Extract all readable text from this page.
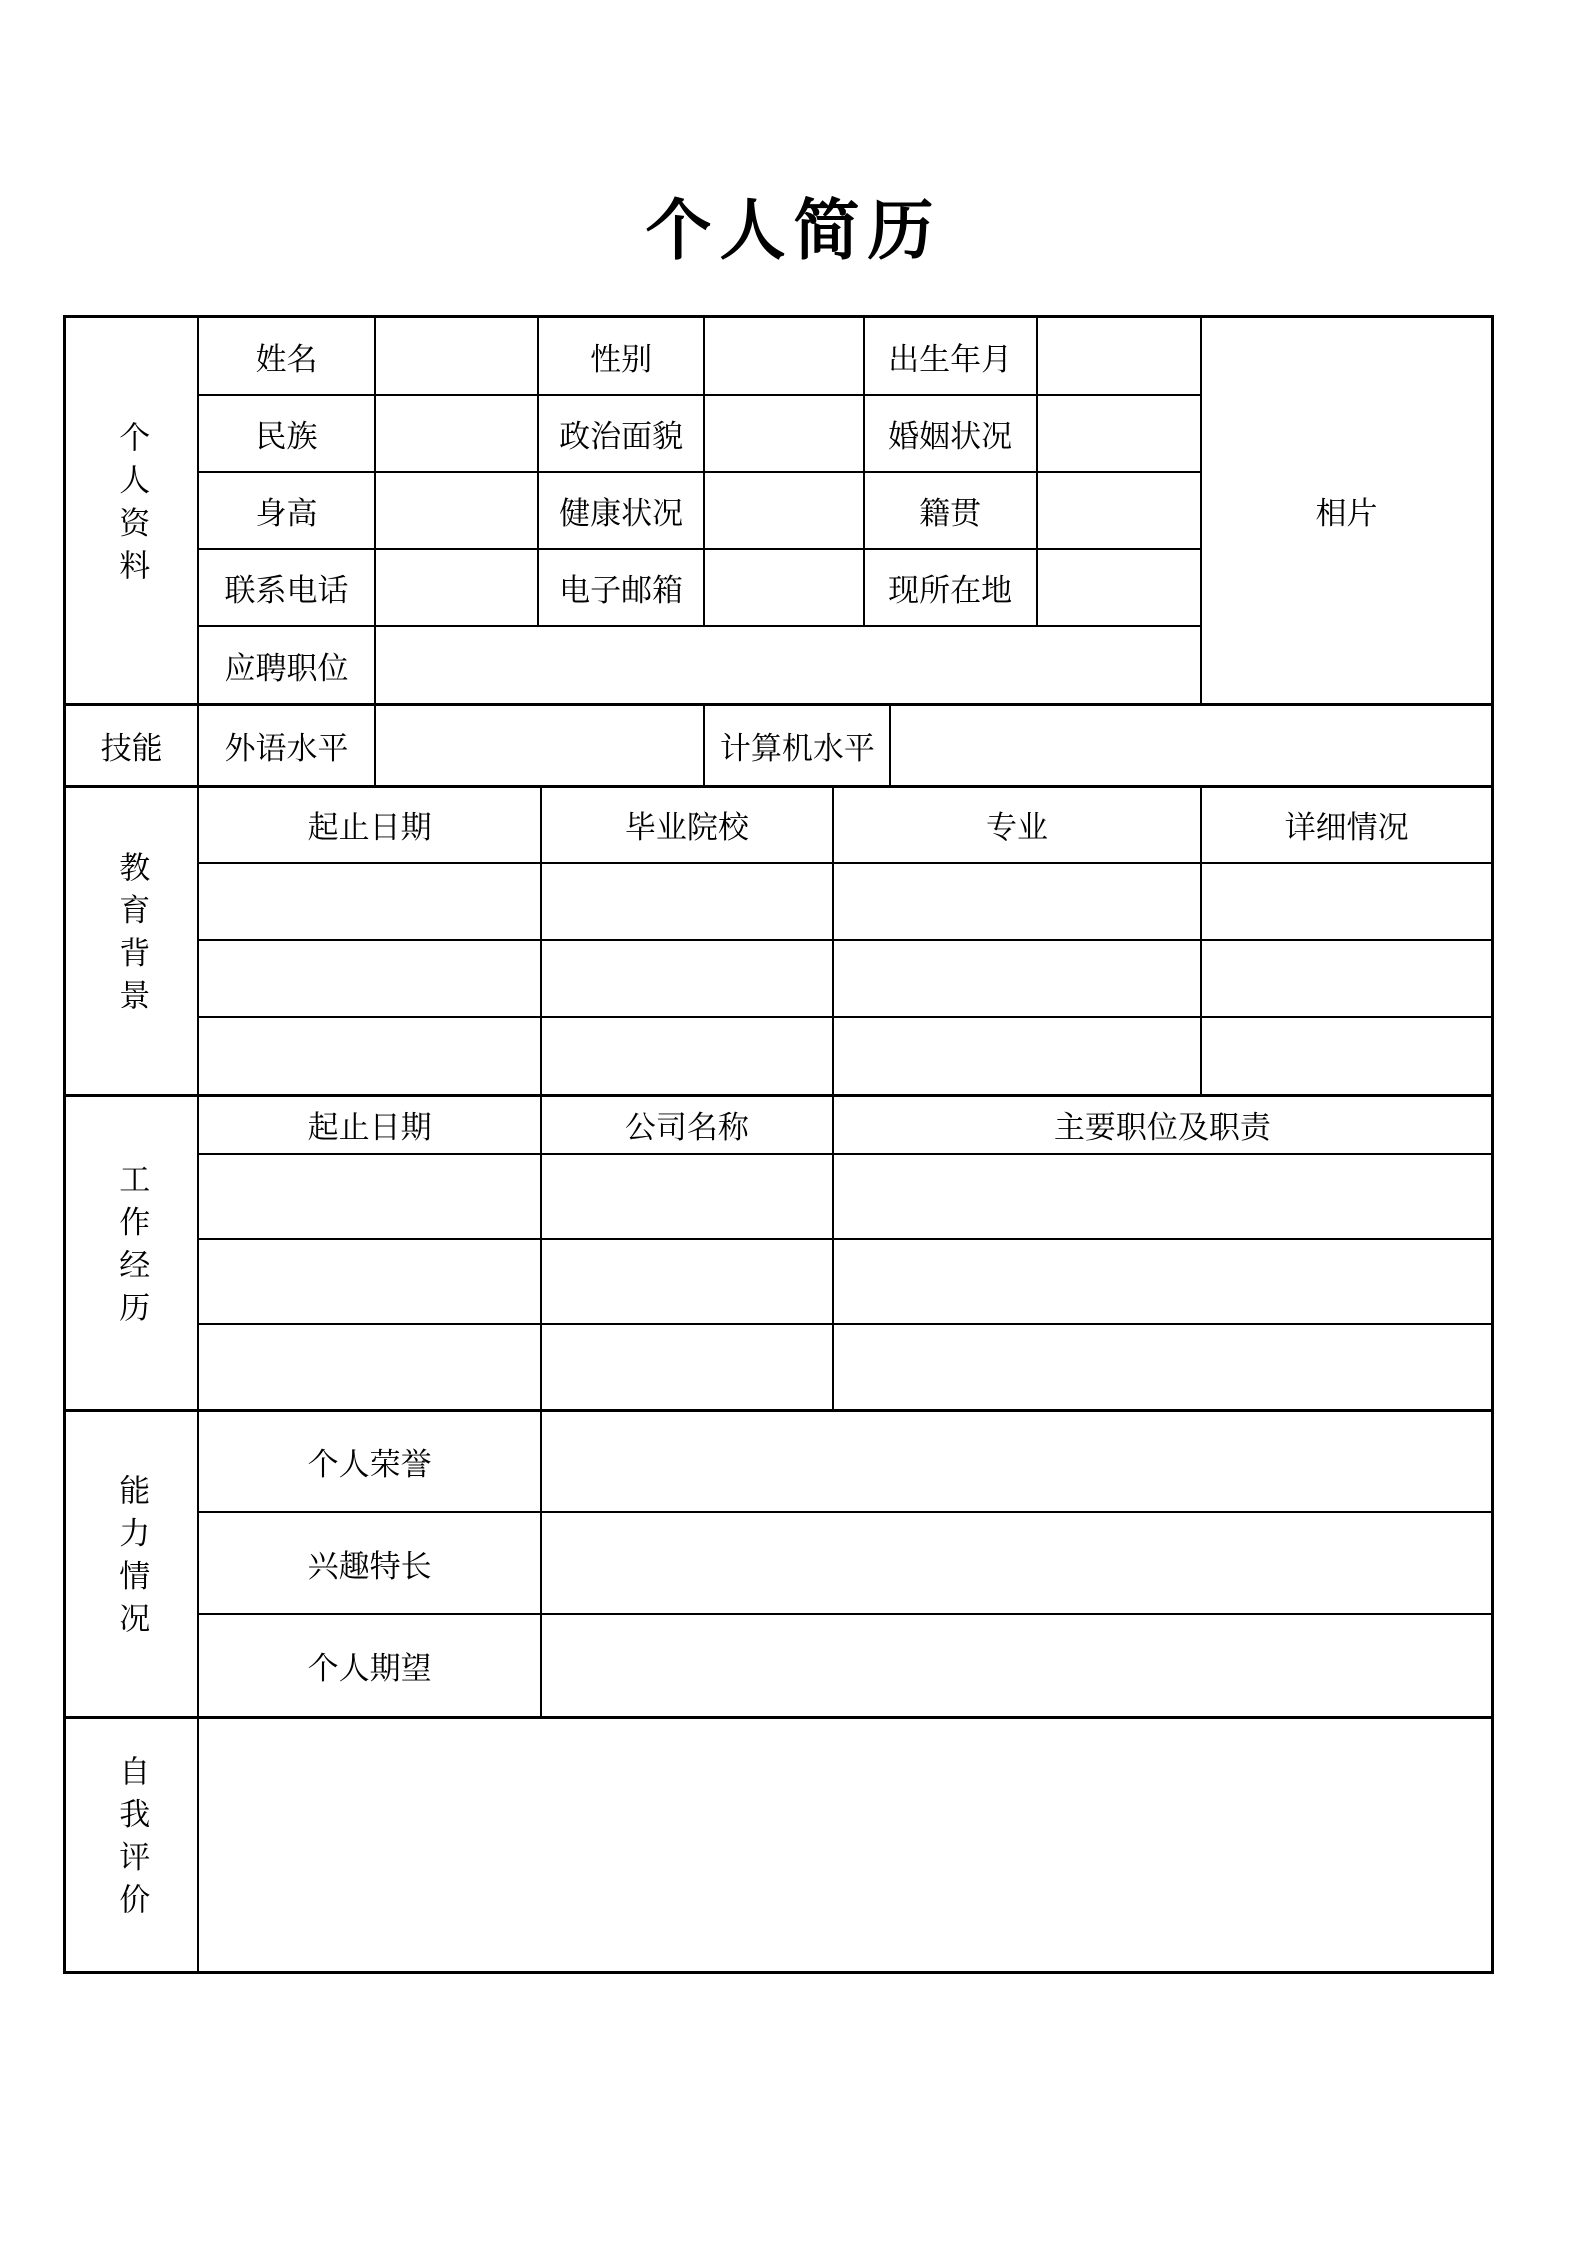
个人简历
个人资料	姓名		性别		出生年月		相片
	民族		政治面貌		婚姻状况		
	身高		健康状况		籍贯		
	联系电话		电子邮箱		现所在地		
	应聘职位						
技能	外语水平		计算机水平	
教育背景	起止日期	毕业院校	专业	详细情况

工作经历	起止日期	公司名称	主要职位及职责

能力情况	个人荣誉	
	兴趣特长	
	个人期望	
自我评价	
